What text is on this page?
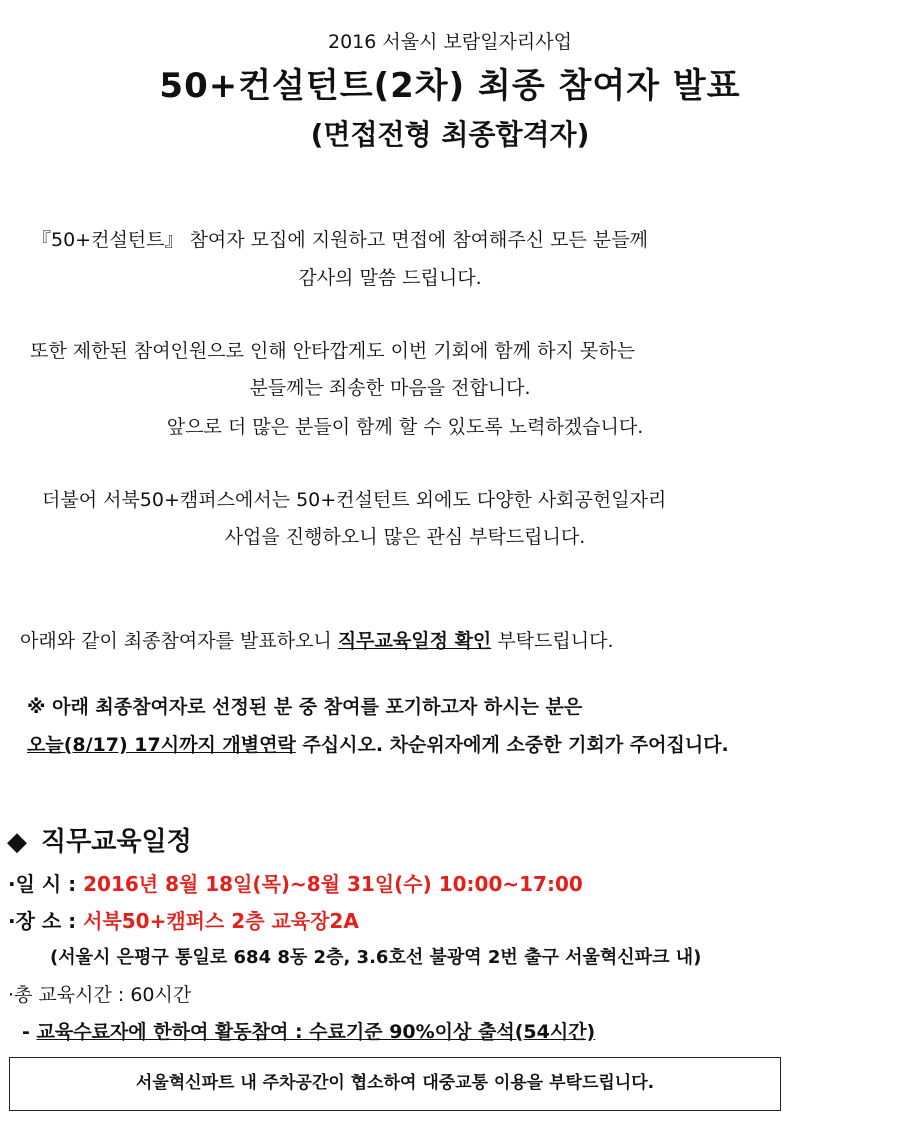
2016 서울시 보람일자리사업
50+컨설턴트(2차) 최종 참여자 발표
(면접전형 최종합격자)
『50+컨설턴트』 참여자 모집에 지원하고 면접에 참여해주신 모든 분들께
감사의 말씀 드립니다.
또한 제한된 참여인원으로 인해 안타깝게도 이번 기회에 함께 하지 못하는
분들께는 죄송한 마음을 전합니다.
앞으로 더 많은 분들이 함께 할 수 있도록 노력하겠습니다.
더불어 서북50+캠퍼스에서는 50+컨설턴트 외에도 다양한 사회공헌일자리
사업을 진행하오니 많은 관심 부탁드립니다.
아래와 같이 최종참여자를 발표하오니 직무교육일정 확인 부탁드립니다.
※ 아래 최종참여자로 선정된 분 중 참여를 포기하고자 하시는 분은
오늘(8/17) 17시까지 개별연락 주십시오. 차순위자에게 소중한 기회가 주어집니다.
◆ 직무교육일정
·일 시 : 2016년 8월 18일(목)~8월 31일(수) 10:00~17:00
·장 소 : 서북50+캠퍼스 2층 교육장2A
(서울시 은평구 통일로 684 8동 2층, 3.6호선 불광역 2번 출구 서울혁신파크 내)
·총 교육시간 : 60시간
- 교육수료자에 한하여 활동참여 : 수료기준 90%이상 출석(54시간)
서울혁신파트 내 주차공간이 협소하여 대중교통 이용을 부탁드립니다.
